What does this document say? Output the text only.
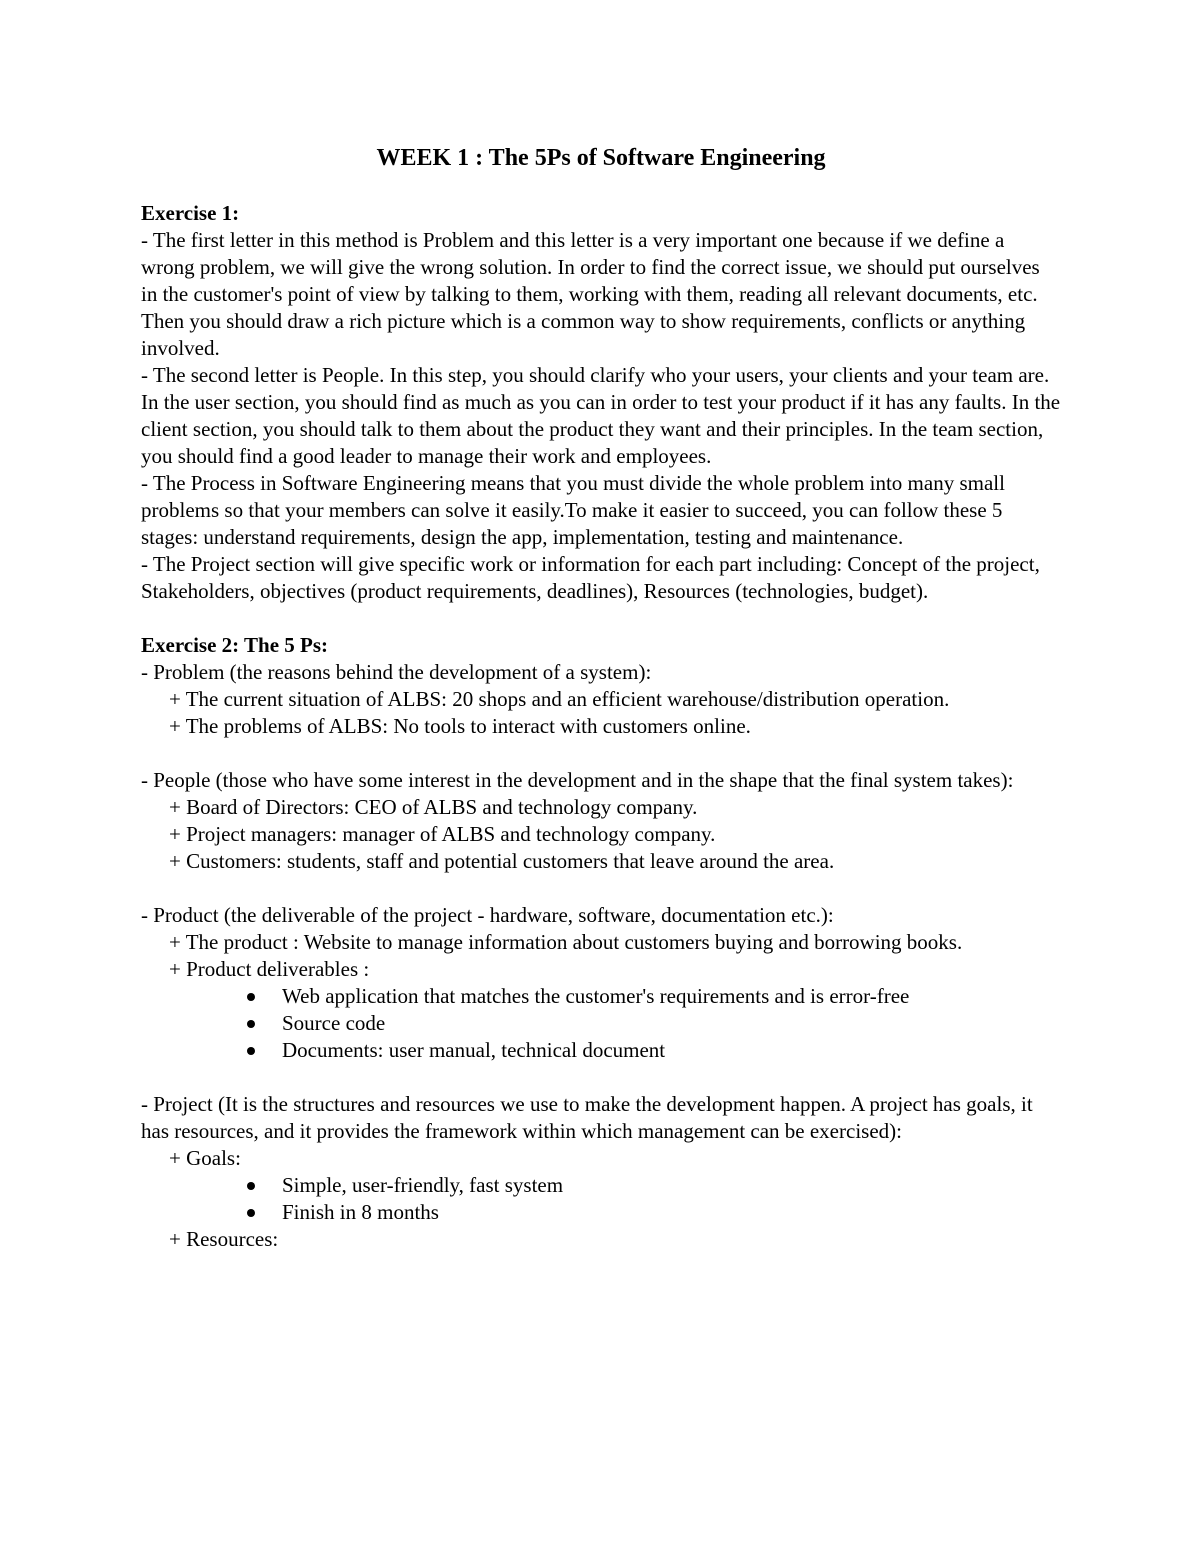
WEEK 1 : The 5Ps of Software Engineering

Exercise 1:

- The first letter in this method is Problem and this letter is a very important one because if we define a wrong problem, we will give the wrong solution. In order to find the correct issue, we should put ourselves in the customer's point of view by talking to them, working with them, reading all relevant documents, etc. Then you should draw a rich picture which is a common way to show requirements, conflicts or anything involved.

- The second letter is People. In this step, you should clarify who your users, your clients and your team are. In the user section, you should find as much as you can in order to test your product if it has any faults. In the client section, you should talk to them about the product they want and their principles. In the team section, you should find a good leader to manage their work and employees.

- The Process in Software Engineering means that you must divide the whole problem into many small problems so that your members can solve it easily.To make it easier to succeed, you can follow these 5 stages: understand requirements, design the app, implementation, testing and maintenance.

- The Project section will give specific work or information for each part including: Concept of the project, Stakeholders, objectives (product requirements, deadlines), Resources (technologies, budget).

Exercise 2: The 5 Ps:

- Problem (the reasons behind the development of a system):

+ The current situation of ALBS: 20 shops and an efficient warehouse/distribution operation.

+ The problems of ALBS: No tools to interact with customers online.

- People (those who have some interest in the development and in the shape that the final system takes):

+ Board of Directors: CEO of ALBS and technology company.

+ Project managers: manager of ALBS and technology company.

+ Customers: students, staff and potential customers that leave around the area.

- Product (the deliverable of the project - hardware, software, documentation etc.):

+ The product : Website to manage information about customers buying and borrowing books.

+ Product deliverables :

Web application that matches the customer's requirements and is error-free
Source code
Documents: user manual, technical document

- Project (It is the structures and resources we use to make the development happen. A project has goals, it has resources, and it provides the framework within which management can be exercised):

+ Goals:

Simple, user-friendly, fast system
Finish in 8 months

+ Resources:
